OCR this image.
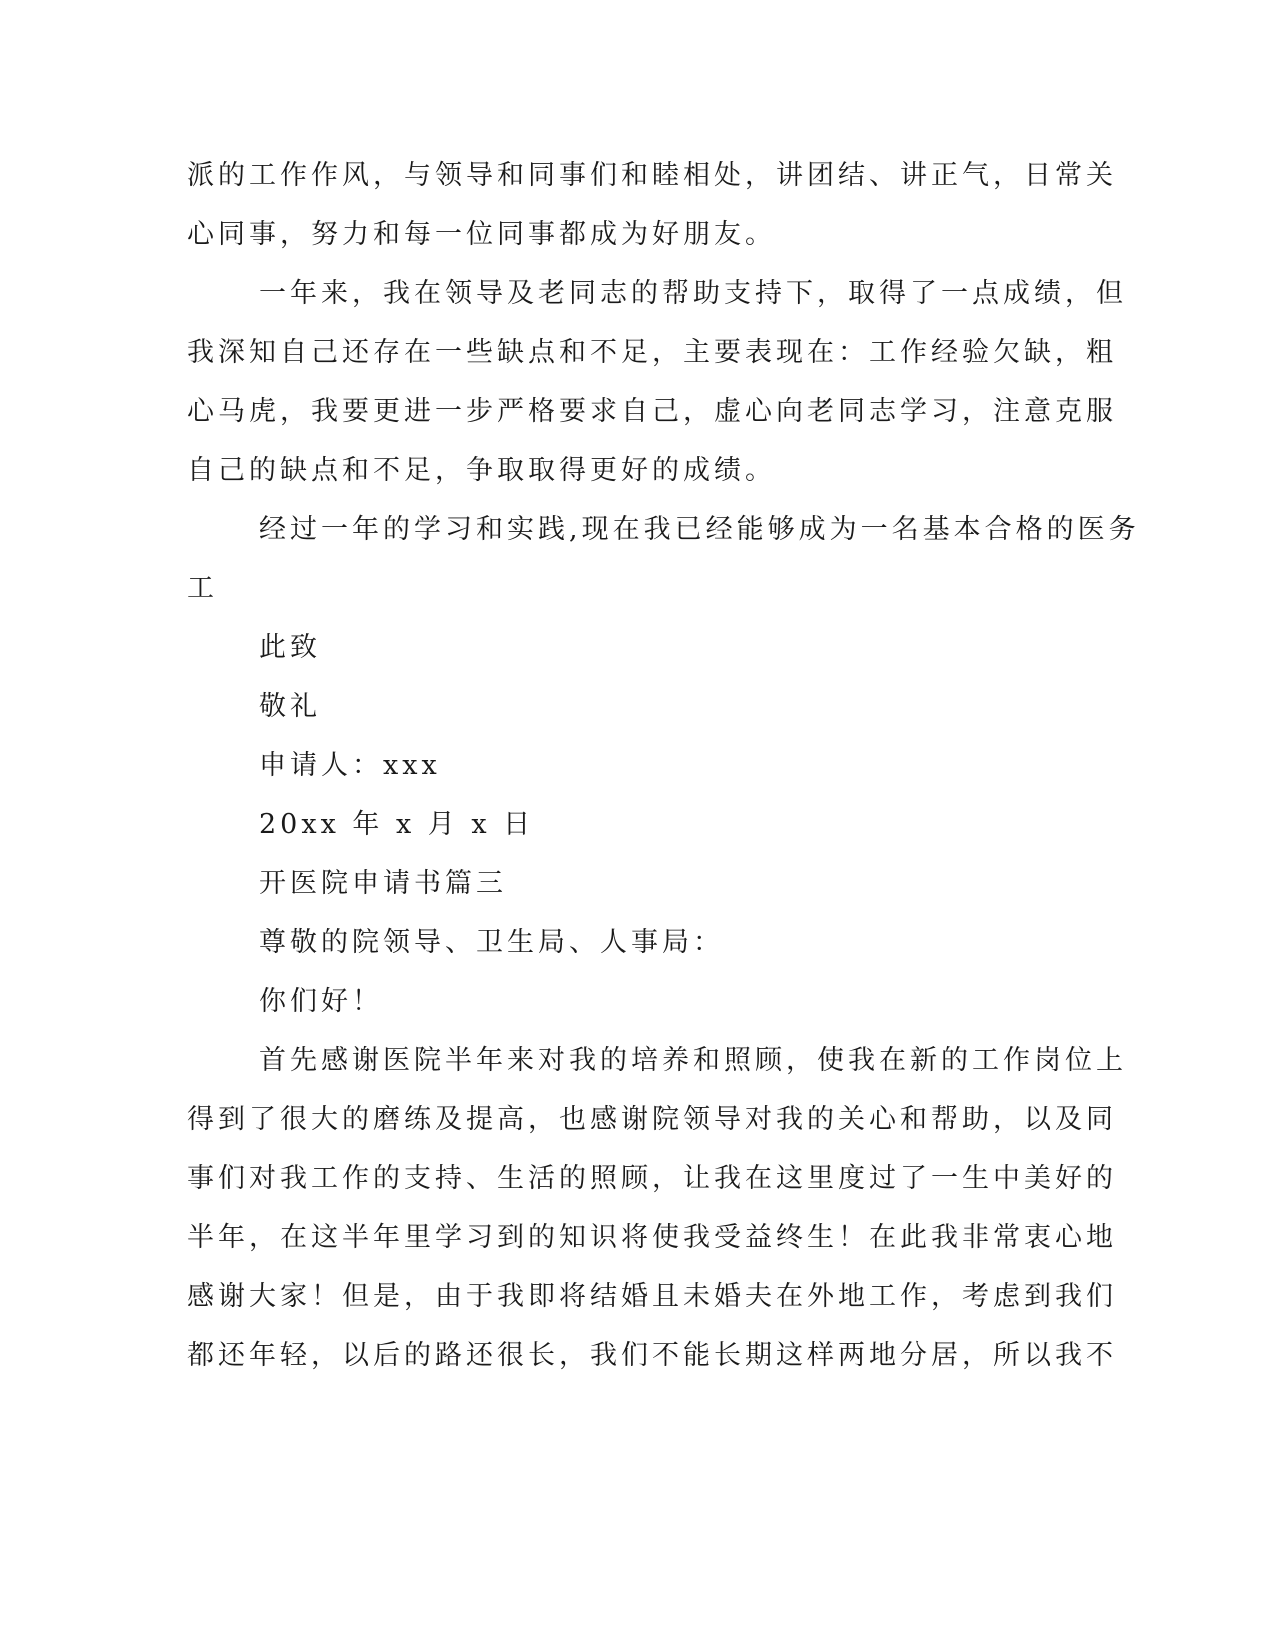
派的工作作风，与领导和同事们和睦相处，讲团结、讲正气，日常关
心同事，努力和每一位同事都成为好朋友。
一年来，我在领导及老同志的帮助支持下，取得了一点成绩，但
我深知自己还存在一些缺点和不足，主要表现在：工作经验欠缺，粗
心马虎，我要更进一步严格要求自己，虚心向老同志学习，注意克服
自己的缺点和不足，争取取得更好的成绩。
经过一年的学习和实践,现在我已经能够成为一名基本合格的医务
工
此致
敬礼
申请人：xxx
20xx 年 x 月 x 日
开医院申请书篇三
尊敬的院领导、卫生局、人事局：
你们好！
首先感谢医院半年来对我的培养和照顾，使我在新的工作岗位上
得到了很大的磨练及提高，也感谢院领导对我的关心和帮助，以及同
事们对我工作的支持、生活的照顾，让我在这里度过了一生中美好的
半年，在这半年里学习到的知识将使我受益终生！在此我非常衷心地
感谢大家！但是，由于我即将结婚且未婚夫在外地工作，考虑到我们
都还年轻，以后的路还很长，我们不能长期这样两地分居，所以我不
